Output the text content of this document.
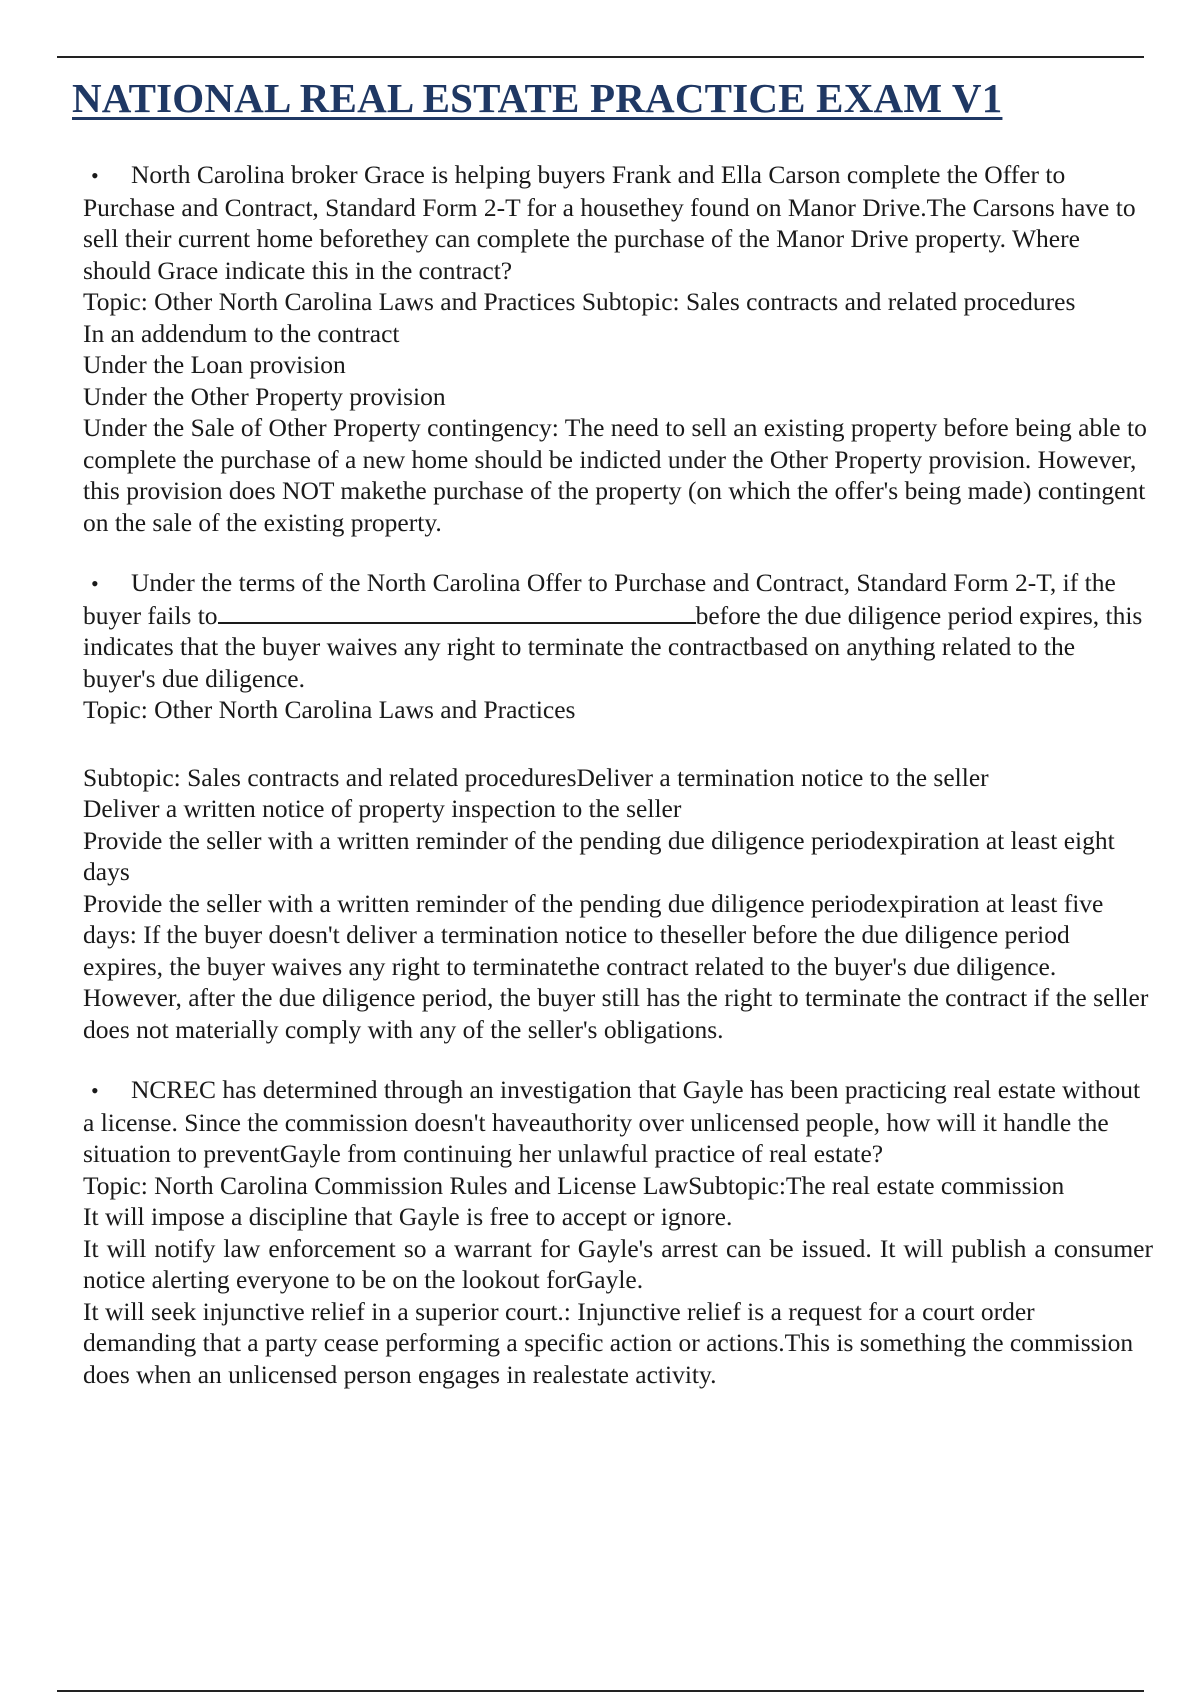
NATIONAL REAL ESTATE PRACTICE EXAM V1

• North Carolina broker Grace is helping buyers Frank and Ella Carson complete the Offer to Purchase and Contract, Standard Form 2-T for a housethey found on Manor Drive.The Carsons have to sell their current home beforethey can complete the purchase of the Manor Drive property. Where should Grace indicate this in the contract?

Topic: Other North Carolina Laws and Practices Subtopic: Sales contracts and related procedures

In an addendum to the contract

Under the Loan provision

Under the Other Property provision

Under the Sale of Other Property contingency: The need to sell an existing property before being able to complete the purchase of a new home should be indicted under the Other Property provision. However, this provision does NOT makethe purchase of the property (on which the offer's being made) contingent on the sale of the existing property.

• Under the terms of the North Carolina Offer to Purchase and Contract, Standard Form 2-T, if the buyer fails to	before the due diligence period expires, this indicates that the buyer waives any right to terminate the contractbased on anything related to the buyer's due diligence.

Topic: Other North Carolina Laws and Practices

Subtopic: Sales contracts and related proceduresDeliver a termination notice to the seller

Deliver a written notice of property inspection to the seller

Provide the seller with a written reminder of the pending due diligence periodexpiration at least eight days

Provide the seller with a written reminder of the pending due diligence periodexpiration at least five days: If the buyer doesn't deliver a termination notice to theseller before the due diligence period expires, the buyer waives any right to terminatethe contract related to the buyer's due diligence. However, after the due diligence period, the buyer still has the right to terminate the contract if the seller does not materially comply with any of the seller's obligations.

• NCREC has determined through an investigation that Gayle has been practicing real estate without a license. Since the commission doesn't haveauthority over unlicensed people, how will it handle the situation to preventGayle from continuing her unlawful practice of real estate?

Topic: North Carolina Commission Rules and License LawSubtopic:The real estate commission

It will impose a discipline that Gayle is free to accept or ignore.

It will notify law enforcement so a warrant for Gayle's arrest can be issued. It will publish a consumer notice alerting everyone to be on the lookout forGayle.

It will seek injunctive relief in a superior court.: Injunctive relief is a request for a court order demanding that a party cease performing a specific action or actions.This is something the commission does when an unlicensed person engages in realestate activity.
